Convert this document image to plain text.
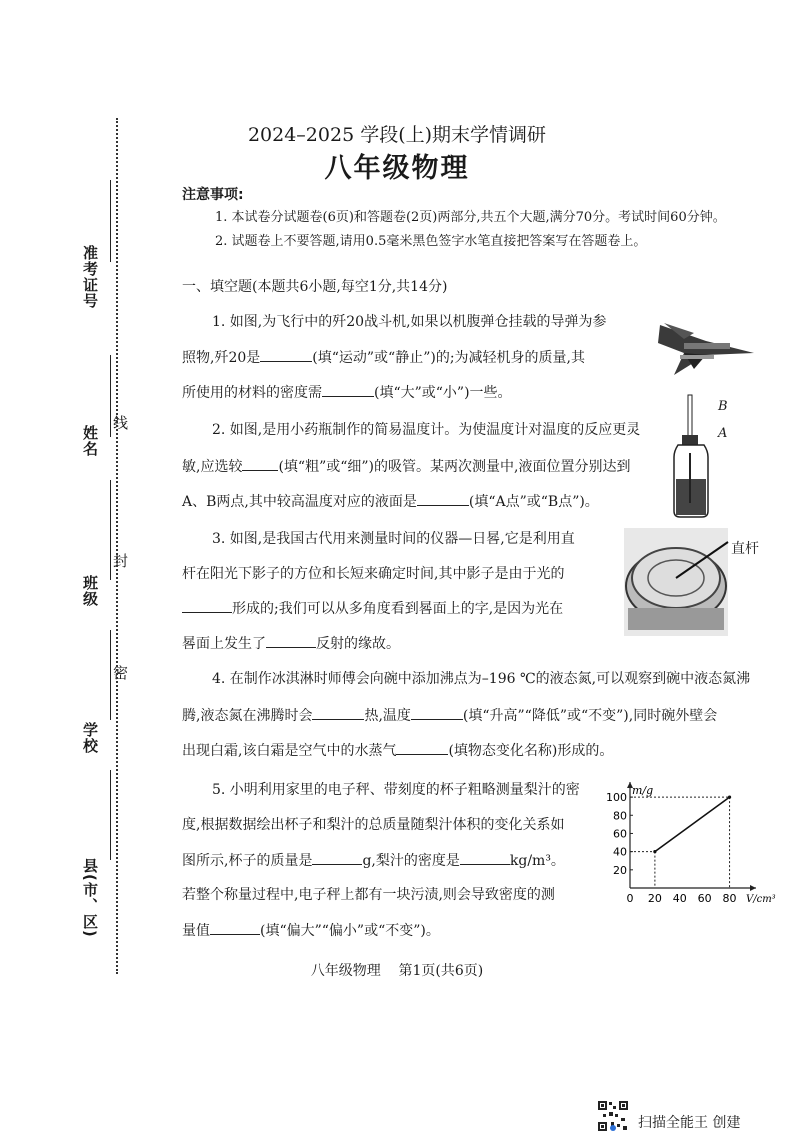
准考证号
姓名
线
班级
封
学校
密
县(市、区)
2024–2025 学段(上)期末学情调研
八年级物理
注意事项:
1. 本试卷分试题卷(6页)和答题卷(2页)两部分,共五个大题,满分70分。考试时间60分钟。
2. 试题卷上不要答题,请用0.5毫米黑色签字水笔直接把答案写在答题卷上。
一、填空题(本题共6小题,每空1分,共14分)
1. 如图,为飞行中的歼20战斗机,如果以机腹弹仓挂载的导弹为参
照物,歼20是	(填“运动”或“静止”)的;为减轻机身的质量,其
所使用的材料的密度需	(填“大”或“小”)一些。
2. 如图,是用小药瓶制作的简易温度计。为使温度计对温度的反应更灵
敏,应选较	(填“粗”或“细”)的吸管。某两次测量中,液面位置分别达到
A、B两点,其中较高温度对应的液面是	(填“A点”或“B点”)。
B
A
3. 如图,是我国古代用来测量时间的仪器—日晷,它是利用直
杆在阳光下影子的方位和长短来确定时间,其中影子是由于光的
形成的;我们可以从多角度看到晷面上的字,是因为光在
晷面上发生了	反射的缘故。
直杆
4. 在制作冰淇淋时师傅会向碗中添加沸点为–196 ℃的液态氮,可以观察到碗中液态氮沸
腾,液态氮在沸腾时会	热,温度	(填“升高”“降低”或“不变”),同时碗外壁会
出现白霜,该白霜是空气中的水蒸气	(填物态变化名称)形成的。
5. 小明利用家里的电子秤、带刻度的杯子粗略测量梨汁的密
度,根据数据绘出杯子和梨汁的总质量随梨汁体积的变化关系如
图所示,杯子的质量是	g,梨汁的密度是	kg/m³。
若整个称量过程中,电子秤上都有一块污渍,则会导致密度的测
量值	(填“偏大”“偏小”或“不变”)。
0 20 40 60 80
20
40
60
80
100
m/g
V/cm³
八年级物理    第1页(共6页)
扫描全能王 创建
